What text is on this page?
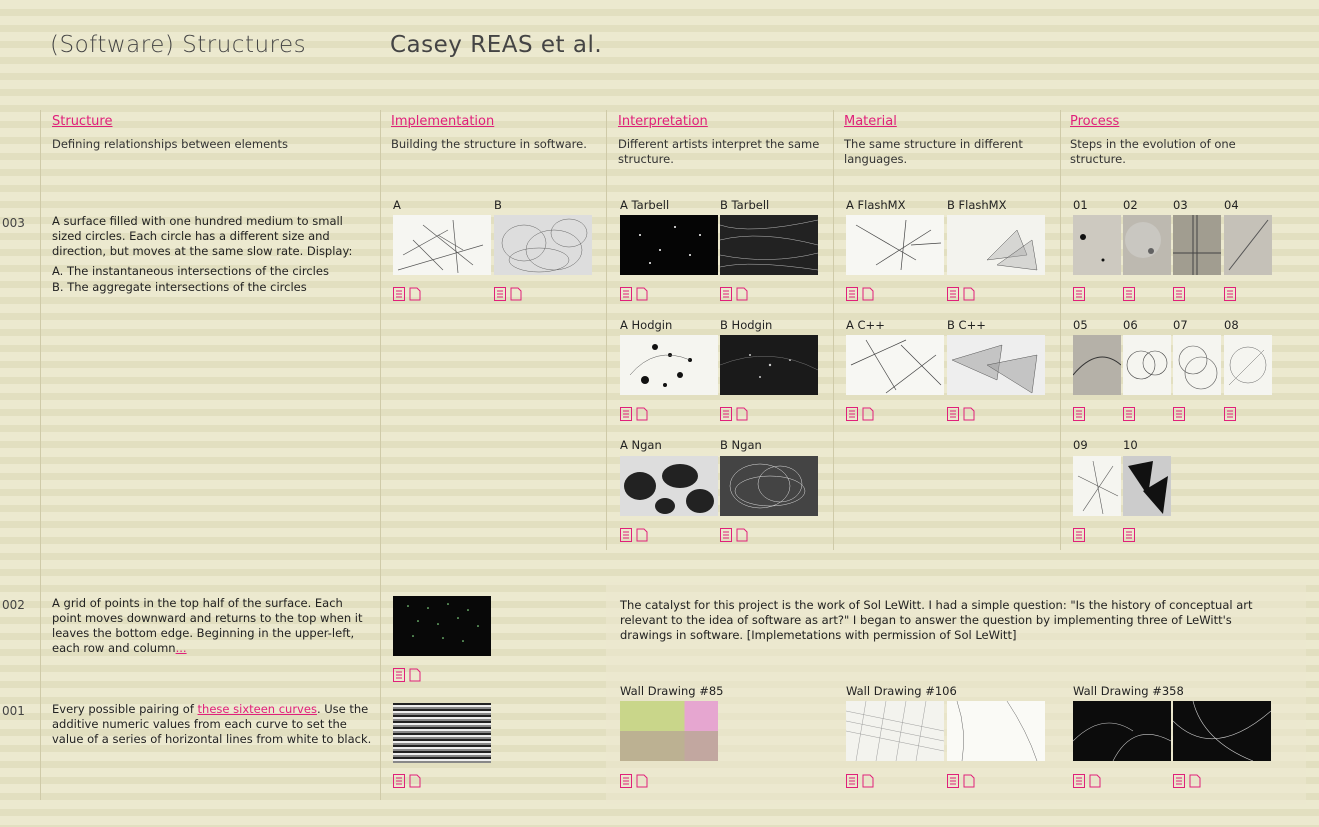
(Software) Structures	Casey REAS et al.
Structure
Defining relationships between elements
Implementation
Building the structure in software.
Interpretation
Different artists interpret the same structure.
Material
The same structure in different languages.
Process
Steps in the evolution of one structure.
003 A surface filled with one hundred medium to small sized circles. Each circle has a different size and direction, but moves at the same slow rate. Display:
A. The instantaneous intersections of the circles
B. The aggregate intersections of the circles
A	B	A Tarbell	B Tarbell
A Hodgin	B Hodgin
A Ngan	B Ngan
A FlashMX	B FlashMX
A C++	B C++
01	02	03	04
05	06	07	08
09	10
002 A grid of points in the top half of the surface. Each point moves downward and returns to the top when it leaves the bottom edge. Beginning in the upper-left, each row and column...
001 Every possible pairing of these sixteen curves. Use the additive numeric values from each curve to set the value of a series of horizontal lines from white to black.
The catalyst for this project is the work of Sol LeWitt. I had a simple question: "Is the history of conceptual art relevant to the idea of software as art?" I began to answer the question by implementing three of LeWitt's drawings in software. [Implemetations with permission of Sol LeWitt]
Wall Drawing #85	Wall Drawing #106	Wall Drawing #358
